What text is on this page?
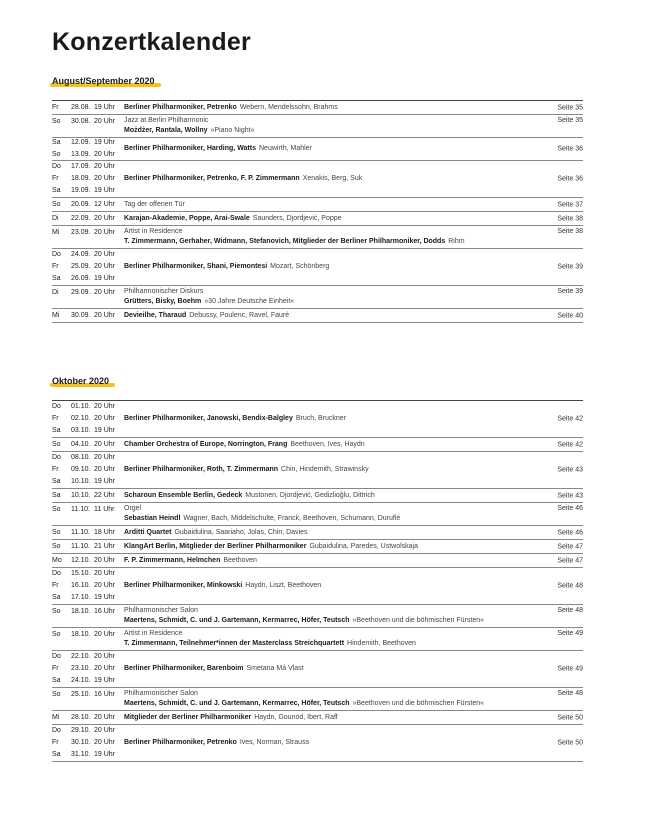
Konzertkalender
August/September 2020
Fr	28.08. 19 Uhr	Berliner Philharmoniker, Petrenko Webern, Mendelssohn, Brahms	Seite 35
So	30.08. 20 Uhr	Jazz at Berlin Philharmonic
Możdżer, Rantala, Wollny »Piano Night«
Seite 35
Sa	12.09. 19 Uhr
So	13.09. 20 Uhr
Berliner Philharmoniker, Harding, Watts Neuwirth, Mahler	Seite 36
Do	17.09. 20 Uhr
Fr	18.09. 20 Uhr
Sa	19.09. 19 Uhr
Berliner Philharmoniker, Petrenko, F. P. Zimmermann Xenakis, Berg, Suk	Seite 36
So	20.09. 12 Uhr	Tag der offenen Tür	Seite 37
Di	22.09. 20 Uhr	Karajan-Akademie, Poppe, Arai-Swale Saunders, Djordjević, Poppe	Seite 38
Mi	23.09. 20 Uhr	Artist in Residence
T. Zimmermann, Gerhaher, Widmann, Stefanovich, Mitglieder der Berliner Philharmoniker, Dodds Rihm
Seite 38
Do	24.09. 20 Uhr
Fr	25.09. 20 Uhr
Sa	26.09. 19 Uhr
Berliner Philharmoniker, Shani, Piemontesi Mozart, Schönberg	Seite 39
Di	29.09. 20 Uhr	Philharmonischer Diskurs
Grütters, Bisky, Boehm »30 Jahre Deutsche Einheit«
Seite 39
Mi	30.09. 20 Uhr	Devieilhe, Tharaud Debussy, Poulenc, Ravel, Fauré	Seite 40
Oktober 2020
Do	01.10. 20 Uhr
Fr	02.10. 20 Uhr
Sa	03.10. 19 Uhr
Berliner Philharmoniker, Janowski, Bendix-Balgley Bruch, Bruckner	Seite 42
So	04.10. 20 Uhr	Chamber Orchestra of Europe, Norrington, Frang Beethoven, Ives, Haydn	Seite 42
Do	08.10. 20 Uhr
Fr	09.10. 20 Uhr
Sa	10.10. 19 Uhr
Berliner Philharmoniker, Roth, T. Zimmermann Chin, Hindemith, Strawinsky	Seite 43
Sa	10.10. 22 Uhr	Scharoun Ensemble Berlin, Gedeck Mustonen, Djordjević, Gedizlioğlu, Dittrich	Seite 43
So	11.10. 11 Uhr	Orgel
Sebastian Heindl Wagner, Bach, Middelschulte, Franck, Beethoven, Schumann, Duruflé
Seite 46
So	11.10. 18 Uhr	Arditti Quartet Gubaidulina, Saariaho, Jolas, Chin, Davies	Seite 46
So	11.10. 21 Uhr	KlangArt Berlin, Mitglieder der Berliner Philharmoniker Gubaidulina, Paredes, Ustwolskaja	Seite 47
Mo	12.10. 20 Uhr	F. P. Zimmermann, Helmchen Beethoven	Seite 47
Do	15.10. 20 Uhr
Fr	16.10. 20 Uhr
Sa	17.10. 19 Uhr
Berliner Philharmoniker, Minkowski Haydn, Liszt, Beethoven	Seite 48
So	18.10. 16 Uhr	Philharmonischer Salon
Maertens, Schmidt, C. und J. Gartemann, Kermarrec, Höfer, Teutsch »Beethoven und die böhmischen Fürsten«
Seite 48
So	18.10. 20 Uhr	Artist in Residence
T. Zimmermann, Teilnehmer*innen der Masterclass Streichquartett Hindemith, Beethoven
Seite 49
Do	22.10. 20 Uhr
Fr	23.10. 20 Uhr
Sa	24.10. 19 Uhr
Berliner Philharmoniker, Barenboim Smetana Má Vlast	Seite 49
So	25.10. 16 Uhr	Philharmonischer Salon
Maertens, Schmidt, C. und J. Gartemann, Kermarrec, Höfer, Teutsch »Beethoven und die böhmischen Fürsten«
Seite 48
Mi	28.10. 20 Uhr	Mitglieder der Berliner Philharmoniker Haydn, Gounod, Ibert, Raff	Seite 50
Do	29.10. 20 Uhr
Fr	30.10. 20 Uhr
Sa	31.10. 19 Uhr
Berliner Philharmoniker, Petrenko Ives, Norman, Strauss	Seite 50
